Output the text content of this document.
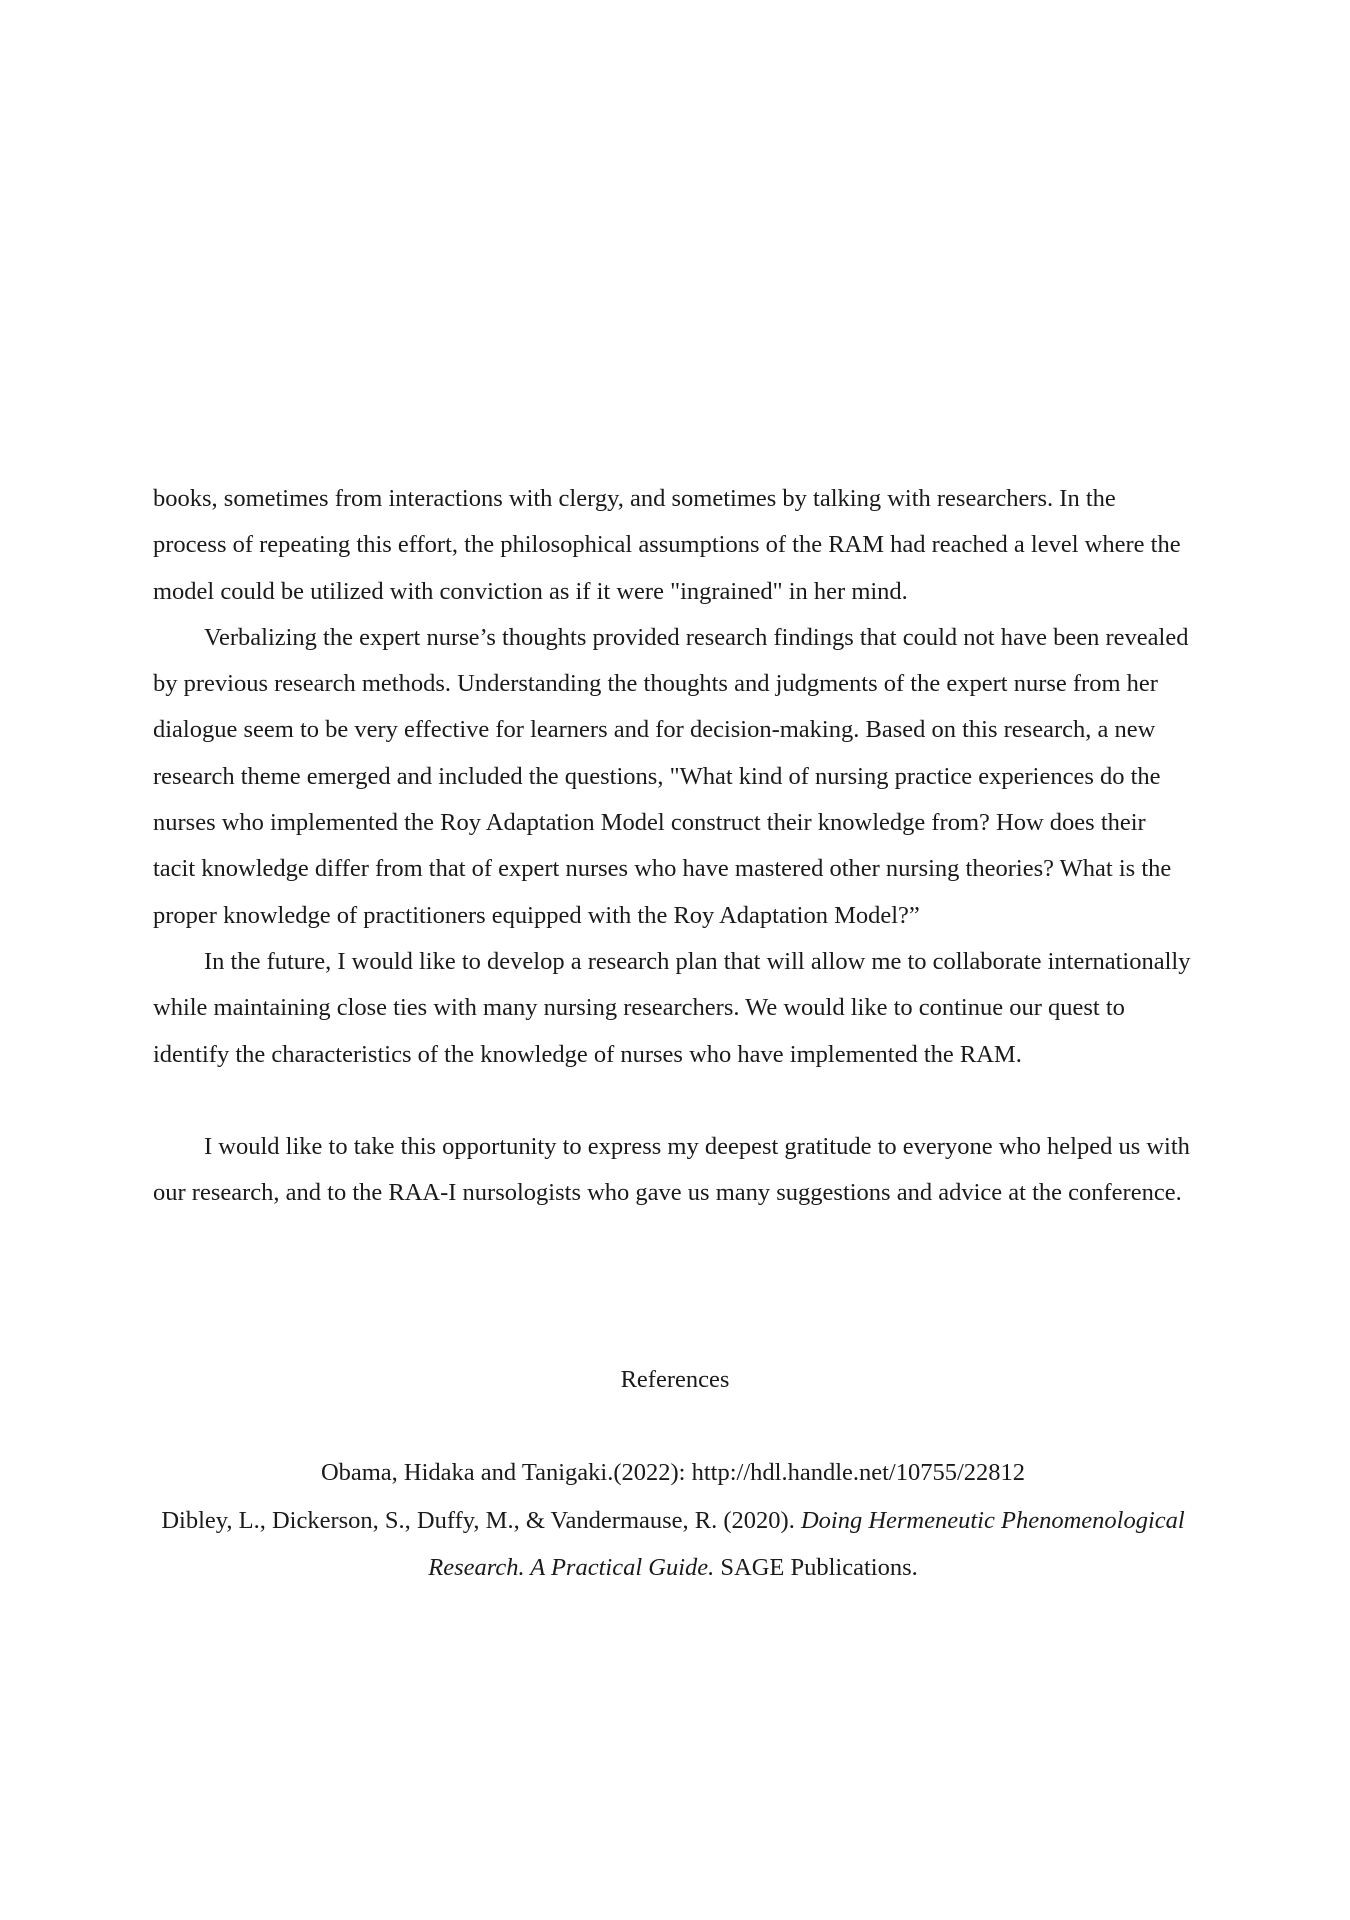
books, sometimes from interactions with clergy, and sometimes by talking with researchers. In the process of repeating this effort, the philosophical assumptions of the RAM had reached a level where the model could be utilized with conviction as if it were "ingrained" in her mind.

Verbalizing the expert nurse’s thoughts provided research findings that could not have been revealed by previous research methods. Understanding the thoughts and judgments of the expert nurse from her dialogue seem to be very effective for learners and for decision-making. Based on this research, a new research theme emerged and included the questions, "What kind of nursing practice experiences do the nurses who implemented the Roy Adaptation Model construct their knowledge from? How does their tacit knowledge differ from that of expert nurses who have mastered other nursing theories? What is the proper knowledge of practitioners equipped with the Roy Adaptation Model?”

In the future, I would like to develop a research plan that will allow me to collaborate internationally while maintaining close ties with many nursing researchers. We would like to continue our quest to identify the characteristics of the knowledge of nurses who have implemented the RAM.

I would like to take this opportunity to express my deepest gratitude to everyone who helped us with our research, and to the RAA-I nursologists who gave us many suggestions and advice at the conference.

References

Obama, Hidaka and Tanigaki.(2022): http://hdl.handle.net/10755/22812

Dibley, L., Dickerson, S., Duffy, M., & Vandermause, R. (2020). Doing Hermeneutic Phenomenological Research. A Practical Guide. SAGE Publications.
